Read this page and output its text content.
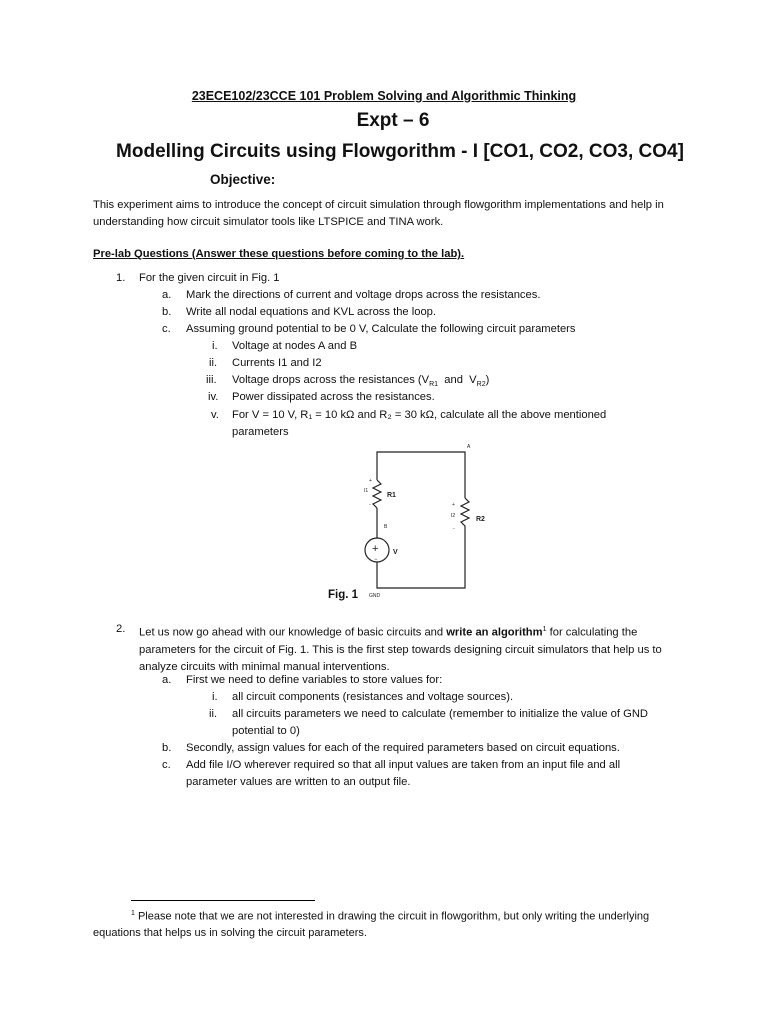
23ECE102/23CCE 101 Problem Solving and Algorithmic Thinking
Expt – 6
Modelling Circuits using Flowgorithm - I [CO1, CO2, CO3, CO4]
Objective:
This experiment aims to introduce the concept of circuit simulation through flowgorithm implementations and help in understanding how circuit simulator tools like LTSPICE and TINA work.
Pre-lab Questions (Answer these questions before coming to the lab).
1. For the given circuit in Fig. 1
a. Mark the directions of current and voltage drops across the resistances.
b. Write all nodal equations and KVL across the loop.
c. Assuming ground potential to be 0 V, Calculate the following circuit parameters
i. Voltage at nodes A and B
ii. Currents I1 and I2
iii. Voltage drops across the resistances ($V_{R1}$  and  $V_{R2}$)
iv. Power dissipated across the resistances.
v. For V = 10 V, R₁ = 10 kΩ and R₂ = 30 kΩ, calculate all the above mentioned parameters
A
I1
R1
+
-
B
+
−
V
+
I2	R2
-
GND
Fig. 1
2. Let us now go ahead with our knowledge of basic circuits and write an algorithm$^1$ for calculating the parameters for the circuit of Fig. 1. This is the first step towards designing circuit simulators that help us to analyze circuits with minimal manual interventions.
a. First we need to define variables to store values for:
i. all circuit components (resistances and voltage sources).
ii. all circuits parameters we need to calculate (remember to initialize the value of GND potential to 0)
b. Secondly, assign values for each of the required parameters based on circuit equations.
c. Add file I/O wherever required so that all input values are taken from an input file and all parameter values are written to an output file.
$^1$ Please note that we are not interested in drawing the circuit in flowgorithm, but only writing the underlying equations that helps us in solving the circuit parameters.
